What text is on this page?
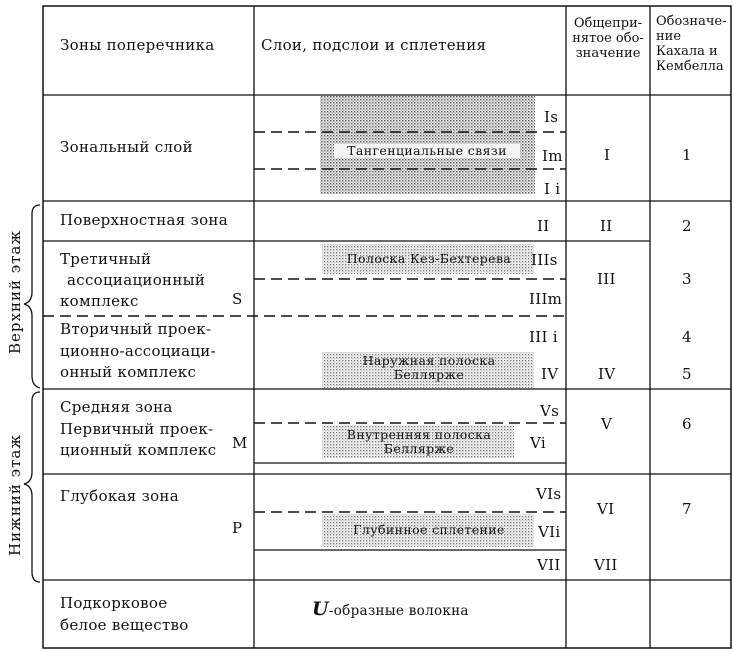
Верхний этаж
Нижний этаж
Зоны поперечника	Слои, подслои и сплетения
Общепри-
нятое обо-
значение
Обозначе-
ние
Кахала и
Кембелла
Зональный слой
Поверхностная зона
Третичный
ассоциационный
комплекс
Вторичный проек-
ционно-ассоциаци-
онный комплекс
Средняя зона
Первичный проек-
ционный комплекс
Глубокая зона
Подкорковое
белое вещество
S
M
P
Тангенциальные связи
Полоска Кез-Бехтерева
Наружная полоска
Беллярже
Внутренняя полоска
Беллярже
Глубинное сплетение
U-образные волокна
Is
Im
I i
II
IIIs
IIIm
III i
IV
Vs
Vi
VIs
VIi
VII
I
II
III
IV
V
VI
VII
1
2
3
4
5
6
7
